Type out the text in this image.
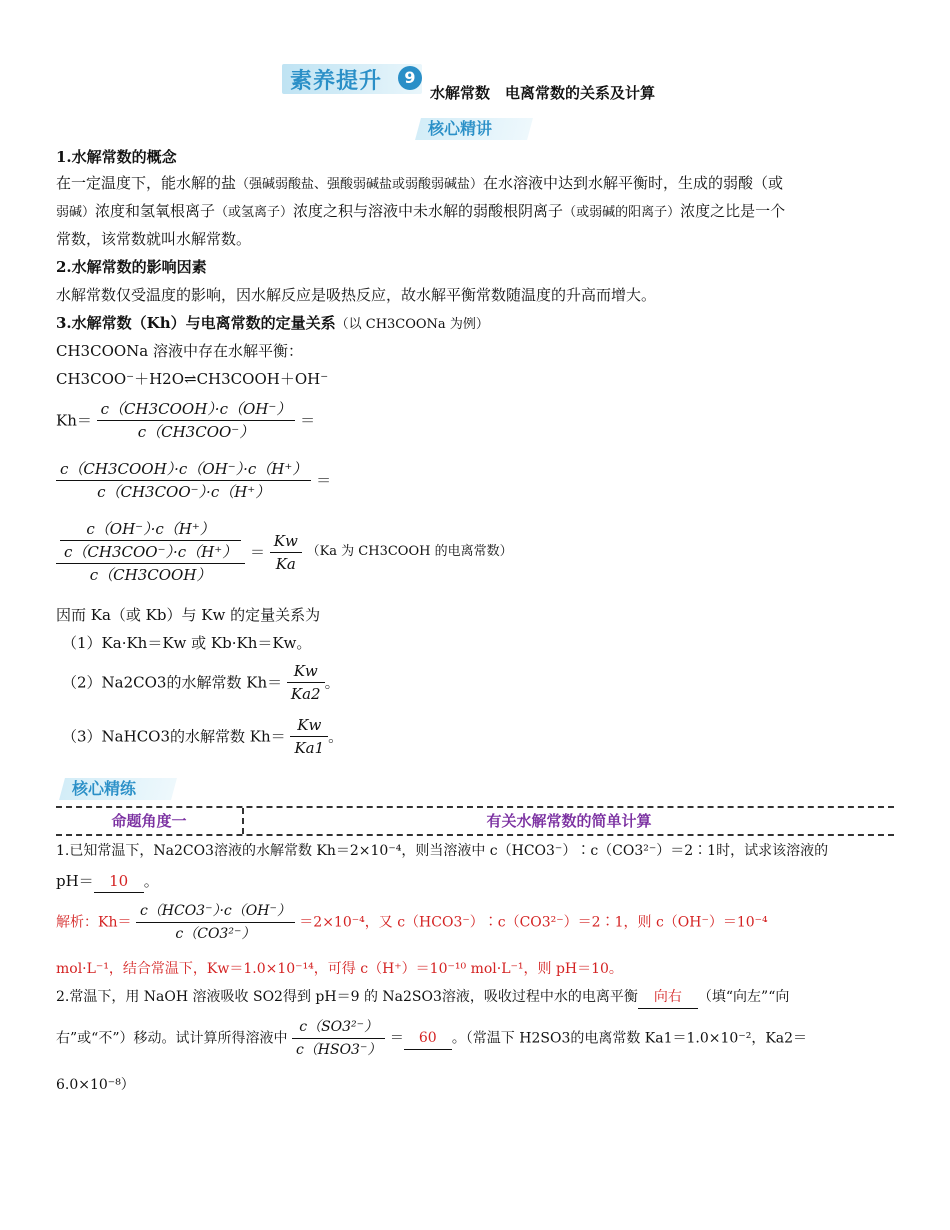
素养提升	9
水解常数　电离常数的关系及计算
核心精讲
1.水解常数的概念
在一定温度下，能水解的盐（强碱弱酸盐、强酸弱碱盐或弱酸弱碱盐）在水溶液中达到水解平衡时，生成的弱酸（或
弱碱）浓度和氢氧根离子（或氢离子）浓度之积与溶液中未水解的弱酸根阴离子（或弱碱的阳离子）浓度之比是一个
常数，该常数就叫水解常数。
2.水解常数的影响因素
水解常数仅受温度的影响，因水解反应是吸热反应，故水解平衡常数随温度的升高而增大。
3.水解常数（Kh）与电离常数的定量关系（以 CH3COONa 为例）
CH3COONa 溶液中存在水解平衡：
CH3COO⁻＋H2O⇌CH3COOH＋OH⁻
$Kh= \frac{\text{c（CH3COOH）·c（OH⁻）}}{\text{c（CH3COO⁻）}}$ ＝
$\frac{\text{c（CH3COOH）·c（OH⁻）·c（H⁺）}}{\text{c（CH3COO⁻）·c（H⁺）}}$ ＝
$\frac{\frac{c(OH^-)\cdot c(H^+)}{\text{c（CH3COO⁻）·c（H⁺）}}}{\text{c（CH3COOH）}} = \frac{Kw}{Ka} (Ka$ 为 CH3COOH 的电离常数）
因而 Ka（或 Kb）与 Kw 的定量关系为
（1）Ka·Kh＝Kw 或 Kb·Kh＝Kw。
（2）Na2CO3的水解常数 $Kh= \frac{Kw}{Ka2}$ 。
（3）NaHCO3的水解常数 $Kh= \frac{Kw}{Ka1}$ 。
核心精练
命题角度一	有关水解常数的简单计算
1.已知常温下，Na2CO3溶液的水解常数 Kh＝2×10⁻⁴，则当溶液中 c（HCO3⁻）∶c（CO3²⁻）＝2∶1时，试求该溶液的
pH＝ 10 。
解析：$Kh= \frac{\text{c（HCO3⁻）·c（OH⁻）}}{\text{c（CO3²⁻）}} =2\times 10^{-4}$，又 c（HCO3⁻）∶c（CO3²⁻）＝2∶1，则 c（OH⁻）＝10⁻⁴
mol·L⁻¹，结合常温下，Kw＝1.0×10⁻¹⁴，可得 c（H⁺）＝10⁻¹⁰ mol·L⁻¹，则 pH＝10。
2.常温下，用 NaOH 溶液吸收 SO2得到 pH＝9 的 Na2SO3溶液，吸收过程中水的电离平衡 向右 （填“向左”“向
右”或“不”）移动。试计算所得溶液中 $\frac{\text{c（SO3²⁻）}}{\text{c（HSO3⁻）}} = 60$ 。（常温下 H2SO3的电离常数 Ka1＝1.0×10⁻²，Ka2＝
6.0×10⁻⁸）
